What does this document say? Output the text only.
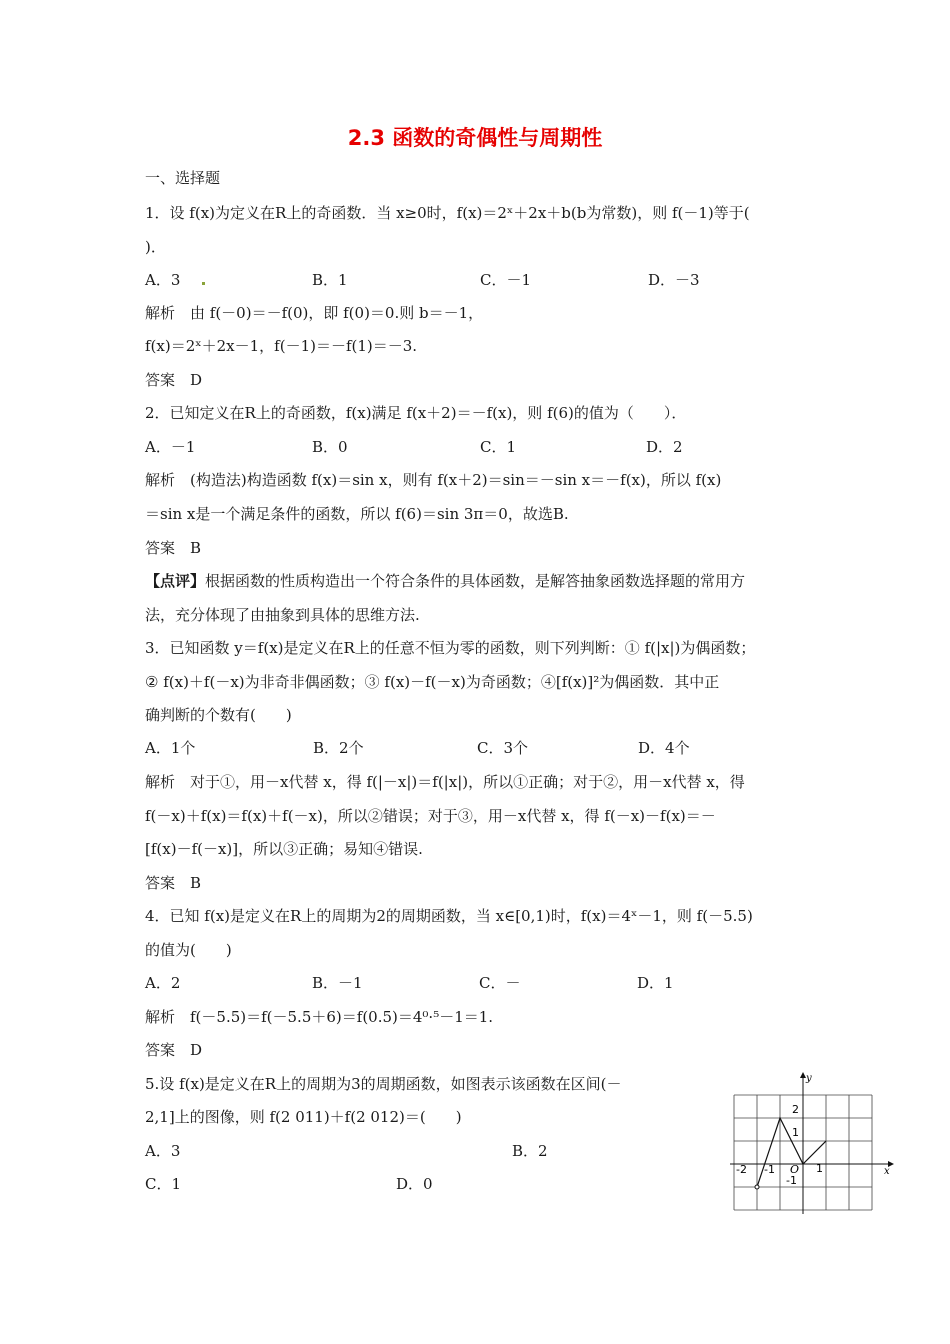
2.3 函数的奇偶性与周期性
一、选择题
1．设 f(x)为定义在R上的奇函数．当 x≥0时，f(x)＝2ˣ＋2x＋b(b为常数)，则 f(－1)等于(
)．
A．3	B．1	C．－1	D．－3
解析　由 f(－0)＝－f(0)，即 f(0)＝0.则 b＝－1，
f(x)＝2ˣ＋2x－1，f(－1)＝－f(1)＝－3.
答案　D
2．已知定义在R上的奇函数，f(x)满足 f(x＋2)＝－f(x)，则 f(6)的值为（　　）．
A．－1	B．0	C．1	D．2
解析　(构造法)构造函数 f(x)＝sin x，则有 f(x＋2)＝sin＝－sin x＝－f(x)，所以 f(x)
＝sin x是一个满足条件的函数，所以 f(6)＝sin 3π＝0，故选B.
答案　B
【点评】根据函数的性质构造出一个符合条件的具体函数，是解答抽象函数选择题的常用方
法，充分体现了由抽象到具体的思维方法.
3．已知函数 y＝f(x)是定义在R上的任意不恒为零的函数，则下列判断：① f(|x|)为偶函数；
② f(x)＋f(－x)为非奇非偶函数；③ f(x)－f(－x)为奇函数；④[f(x)]²为偶函数．其中正
确判断的个数有(　　)
A．1个	B．2个	C．3个	D．4个
解析　对于①，用－x代替 x，得 f(|－x|)＝f(|x|)，所以①正确；对于②，用－x代替 x，得
f(－x)＋f(x)＝f(x)＋f(－x)，所以②错误；对于③，用－x代替 x，得 f(－x)－f(x)＝－
[f(x)－f(－x)]，所以③正确；易知④错误.
答案　B
4．已知 f(x)是定义在R上的周期为2的周期函数，当 x∈[0,1)时，f(x)＝4ˣ－1，则 f(－5.5)
的值为(　　)
A．2	B．－1	C．－	D．1
解析　f(－5.5)＝f(－5.5＋6)＝f(0.5)＝4⁰·⁵－1＝1.
答案　D
5.设 f(x)是定义在R上的周期为3的周期函数，如图表示该函数在区间(－
2,1]上的图像，则 f(2 011)＋f(2 012)＝(　　)
A．3	B．2
C．1	D．0
y
x
2
1
O
-2 -1	1
-1
